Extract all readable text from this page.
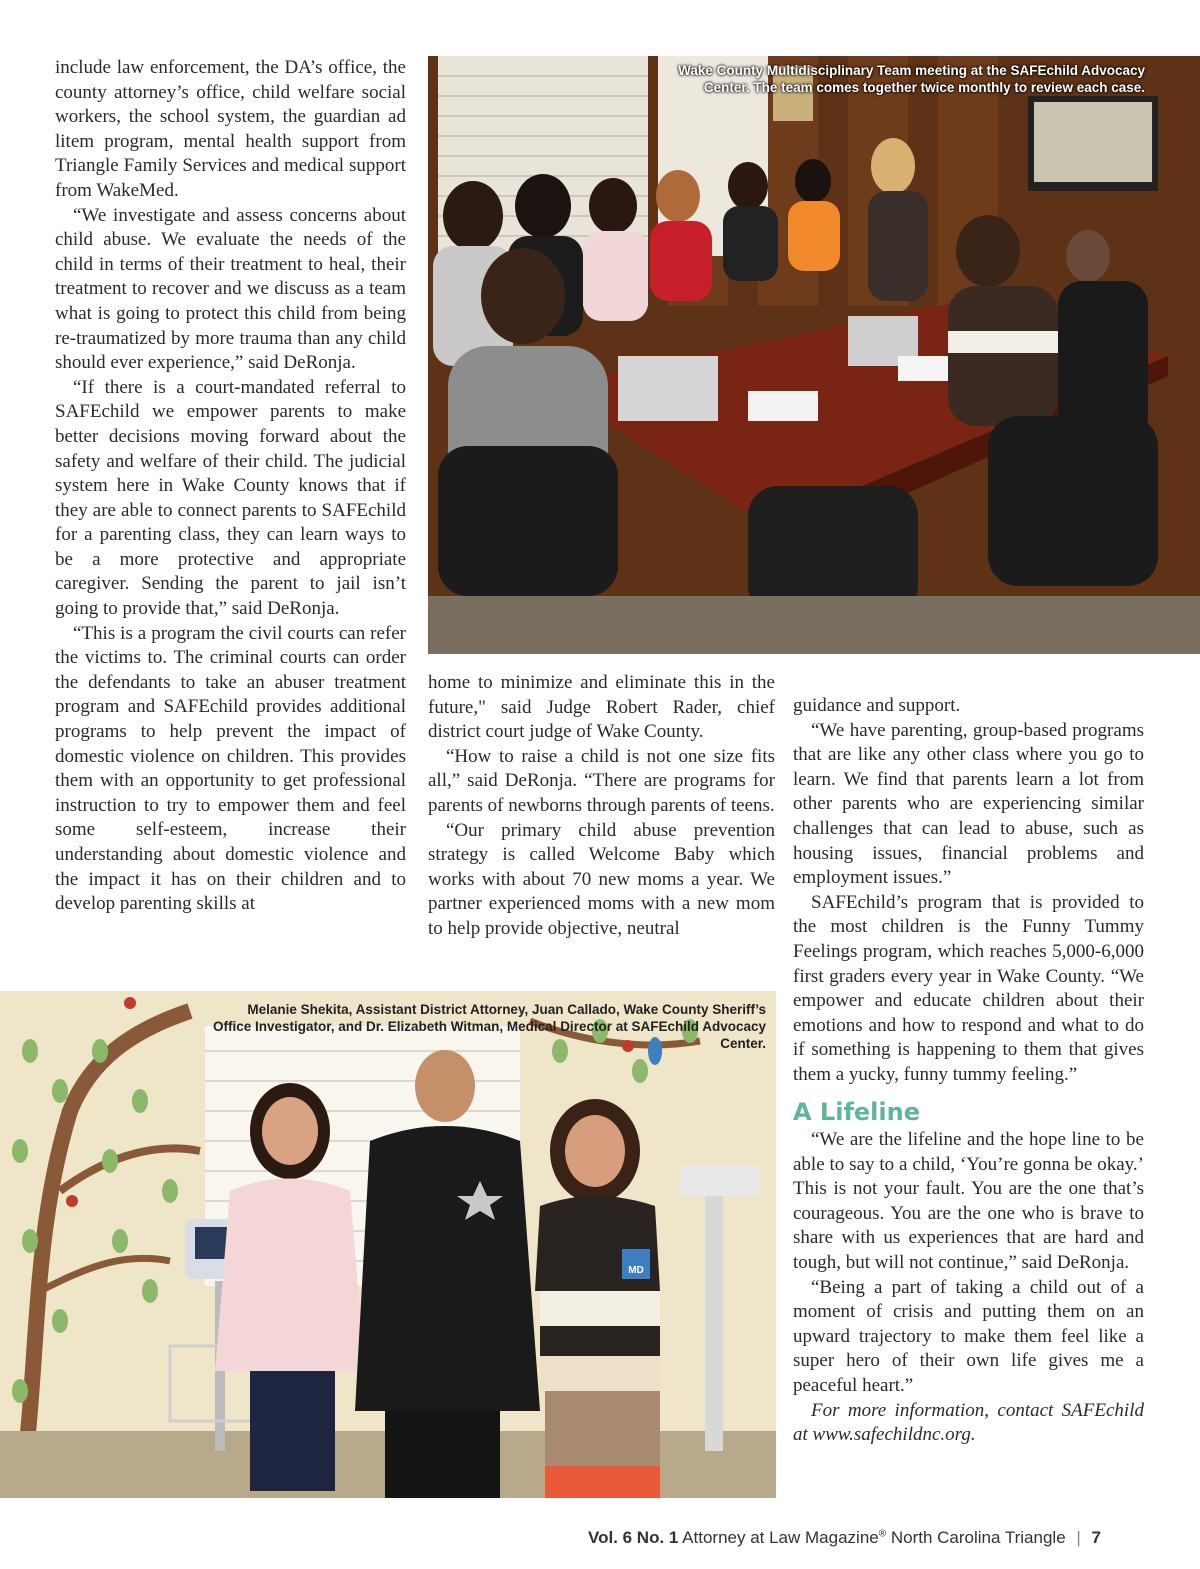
include law enforcement, the DA’s office, the county attorney’s office, child welfare social workers, the school system, the guardian ad litem program, mental health support from Triangle Family Services and medical support from WakeMed.

“We investigate and assess concerns about child abuse. We evaluate the needs of the child in terms of their treatment to heal, their treatment to recover and we discuss as a team what is going to protect this child from being re-traumatized by more trauma than any child should ever experience,” said DeRonja.

“If there is a court-mandated referral to SAFEchild we empower parents to make better decisions moving forward about the safety and welfare of their child. The judicial system here in Wake County knows that if they are able to connect parents to SAFEchild for a parenting class, they can learn ways to be a more protective and appropriate caregiver. Sending the parent to jail isn’t going to provide that,” said DeRonja.

“This is a program the civil courts can refer the victims to. The criminal courts can order the defendants to take an abuser treatment program and SAFEchild provides additional programs to help prevent the impact of domestic violence on children. This provides them with an opportunity to get professional instruction to try to empower them and feel some self-esteem, increase their understanding about domestic violence and the impact it has on their children and to develop parenting skills at

Wake County Multidisciplinary Team meeting at the SAFEchild Advocacy Center. The team comes together twice monthly to review each case.

home to minimize and eliminate this in the future," said Judge Robert Rader, chief district court judge of Wake County.

“How to raise a child is not one size fits all,” said DeRonja. “There are programs for parents of newborns through parents of teens.

“Our primary child abuse prevention strategy is called Welcome Baby which works with about 70 new moms a year. We partner experienced moms with a new mom to help provide objective, neutral

guidance and support.

“We have parenting, group-based programs that are like any other class where you go to learn. We find that parents learn a lot from other parents who are experiencing similar challenges that can lead to abuse, such as housing issues, financial problems and employment issues.”

SAFEchild’s program that is provided to the most children is the Funny Tummy Feelings program, which reaches 5,000-6,000 first graders every year in Wake County. “We empower and educate children about their emotions and how to respond and what to do if something is happening to them that gives them a yucky, funny tummy feeling.”

A Lifeline

“We are the lifeline and the hope line to be able to say to a child, ‘You’re gonna be okay.’ This is not your fault. You are the one that’s courageous. You are the one who is brave to share with us experiences that are hard and tough, but will not continue,” said DeRonja.

“Being a part of taking a child out of a moment of crisis and putting them on an upward trajectory to make them feel like a super hero of their own life gives me a peaceful heart.”

For more information, contact SAFEchild at www.safechildnc.org.

MD
Melanie Shekita, Assistant District Attorney, Juan Callado, Wake County Sheriff’s Office Investigator, and Dr. Elizabeth Witman, Medical Director at SAFEchild Advocacy Center.
Vol. 6 No. 1 Attorney at Law Magazine® North Carolina Triangle | 7
